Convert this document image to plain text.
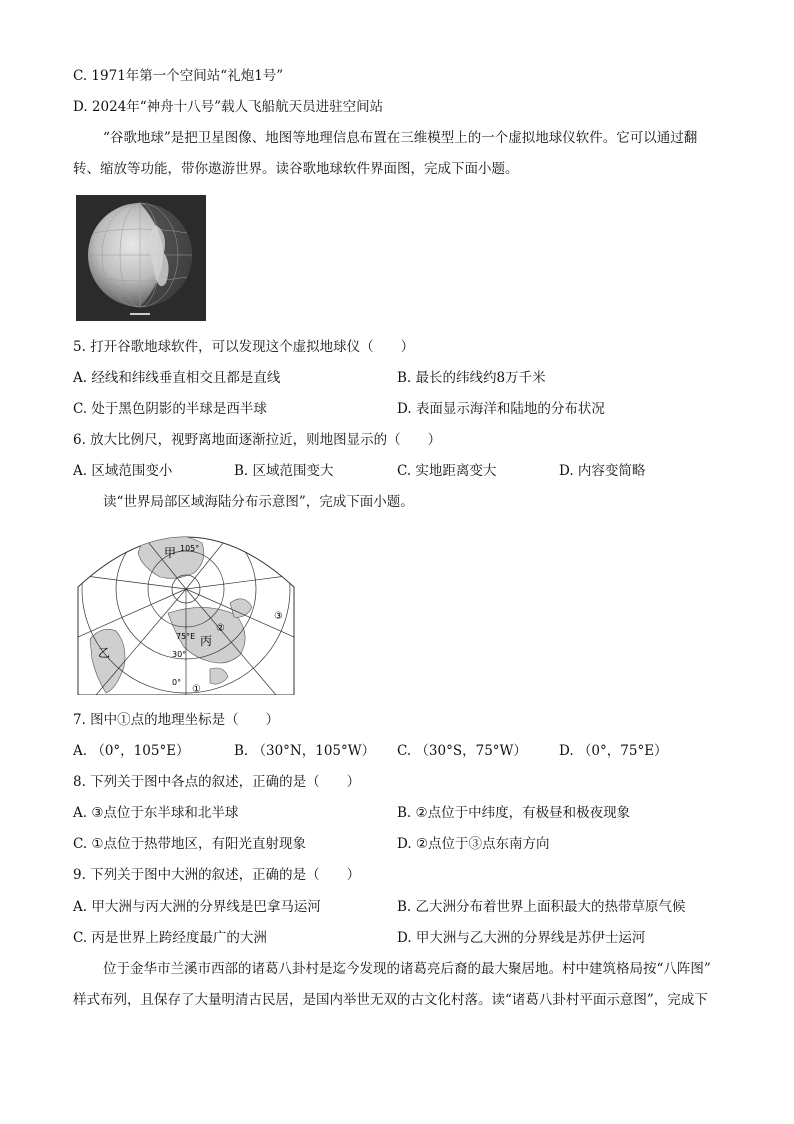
C. 1971年第一个空间站“礼炮1号”
D. 2024年“神舟十八号”载人飞船航天员进驻空间站
“谷歌地球”是把卫星图像、地图等地理信息布置在三维模型上的一个虚拟地球仪软件。它可以通过翻
转、缩放等功能，带你遨游世界。读谷歌地球软件界面图，完成下面小题。
5. 打开谷歌地球软件，可以发现这个虚拟地球仪（　　）
A. 经线和纬线垂直相交且都是直线	B. 最长的纬线约8万千米
C. 处于黑色阴影的半球是西半球	D. 表面显示海洋和陆地的分布状况
6. 放大比例尺，视野离地面逐渐拉近，则地图显示的（　　）
A. 区域范围变小	B. 区域范围变大	C. 实地距离变大	D. 内容变简略
读“世界局部区域海陆分布示意图”，完成下面小题。
甲 105°
乙
丙
75°E
30°
0°
①
②
③
7. 图中①点的地理坐标是（　　）
A. （0°，105°E）	B. （30°N，105°W） C. （30°S，75°W） D. （0°，75°E）
8. 下列关于图中各点的叙述，正确的是（　　）
A. ③点位于东半球和北半球	B. ②点位于中纬度，有极昼和极夜现象
C. ①点位于热带地区，有阳光直射现象	D. ②点位于③点东南方向
9. 下列关于图中大洲的叙述，正确的是（　　）
A. 甲大洲与丙大洲的分界线是巴拿马运河	B. 乙大洲分布着世界上面积最大的热带草原气候
C. 丙是世界上跨经度最广的大洲	D. 甲大洲与乙大洲的分界线是苏伊士运河
位于金华市兰溪市西部的诸葛八卦村是迄今发现的诸葛亮后裔的最大聚居地。村中建筑格局按“八阵图”
样式布列，且保存了大量明清古民居，是国内举世无双的古文化村落。读“诸葛八卦村平面示意图”，完成下
